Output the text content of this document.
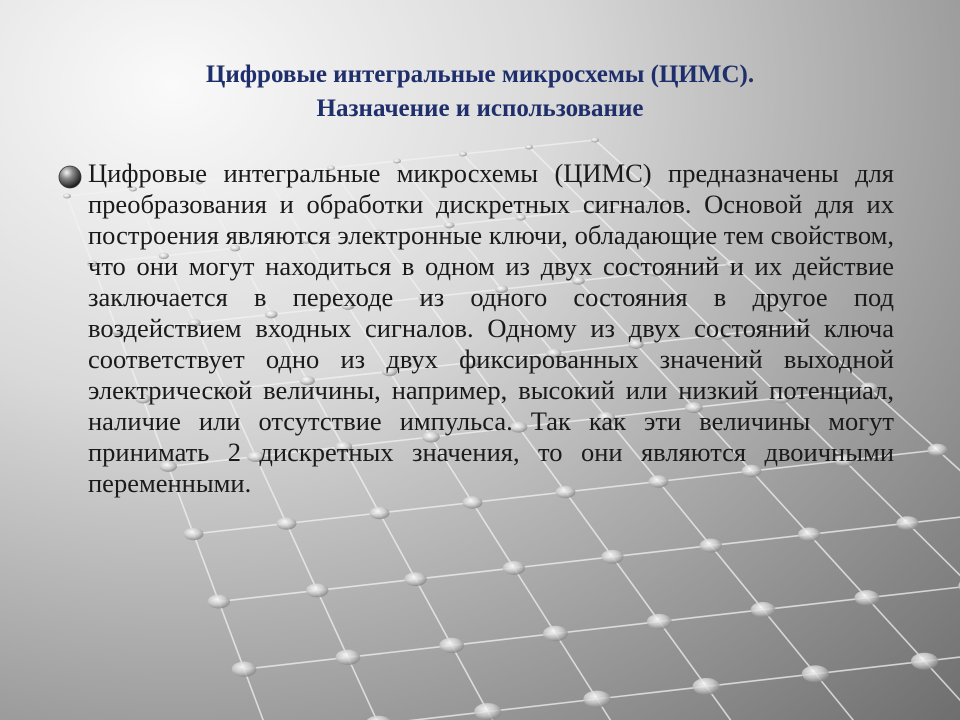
Цифровые интегральные микросхемы (ЦИМС).
Назначение и использование
Цифровые интегральные микросхемы (ЦИМС) предназначены для преобразования и обработки дискретных сигналов. Основой для их построения являются электронные ключи, обладающие тем свойством, что они могут находиться в одном из двух состояний и их действие заключается в переходе из одного состояния в другое под воздействием входных сигналов. Одному из двух состояний ключа соответствует одно из двух фиксированных значений выходной электрической величины, например, высокий или низкий потенциал, наличие или отсутствие импульса. Так как эти величины могут принимать 2 дискретных значения, то они являются двоичными переменными.
